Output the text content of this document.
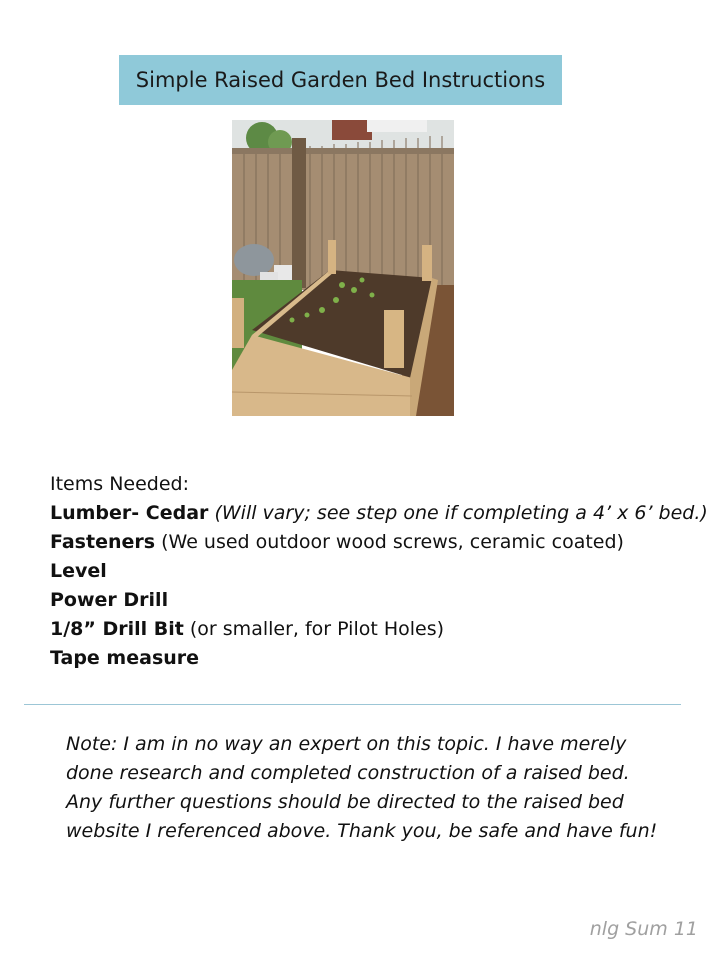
Simple Raised Garden Bed Instructions
Items Needed:
Lumber- Cedar (Will vary; see step one if completing a 4’ x 6’ bed.)
Fasteners (We used outdoor wood screws, ceramic coated)
Level
Power Drill
1/8” Drill Bit (or smaller, for Pilot Holes)
Tape measure
Note: I am in no way an expert on this topic. I have merely done research and completed construction of a raised bed. Any further questions should be directed to the raised bed website I referenced above. Thank you, be safe and have fun!
nlg Sum 11
